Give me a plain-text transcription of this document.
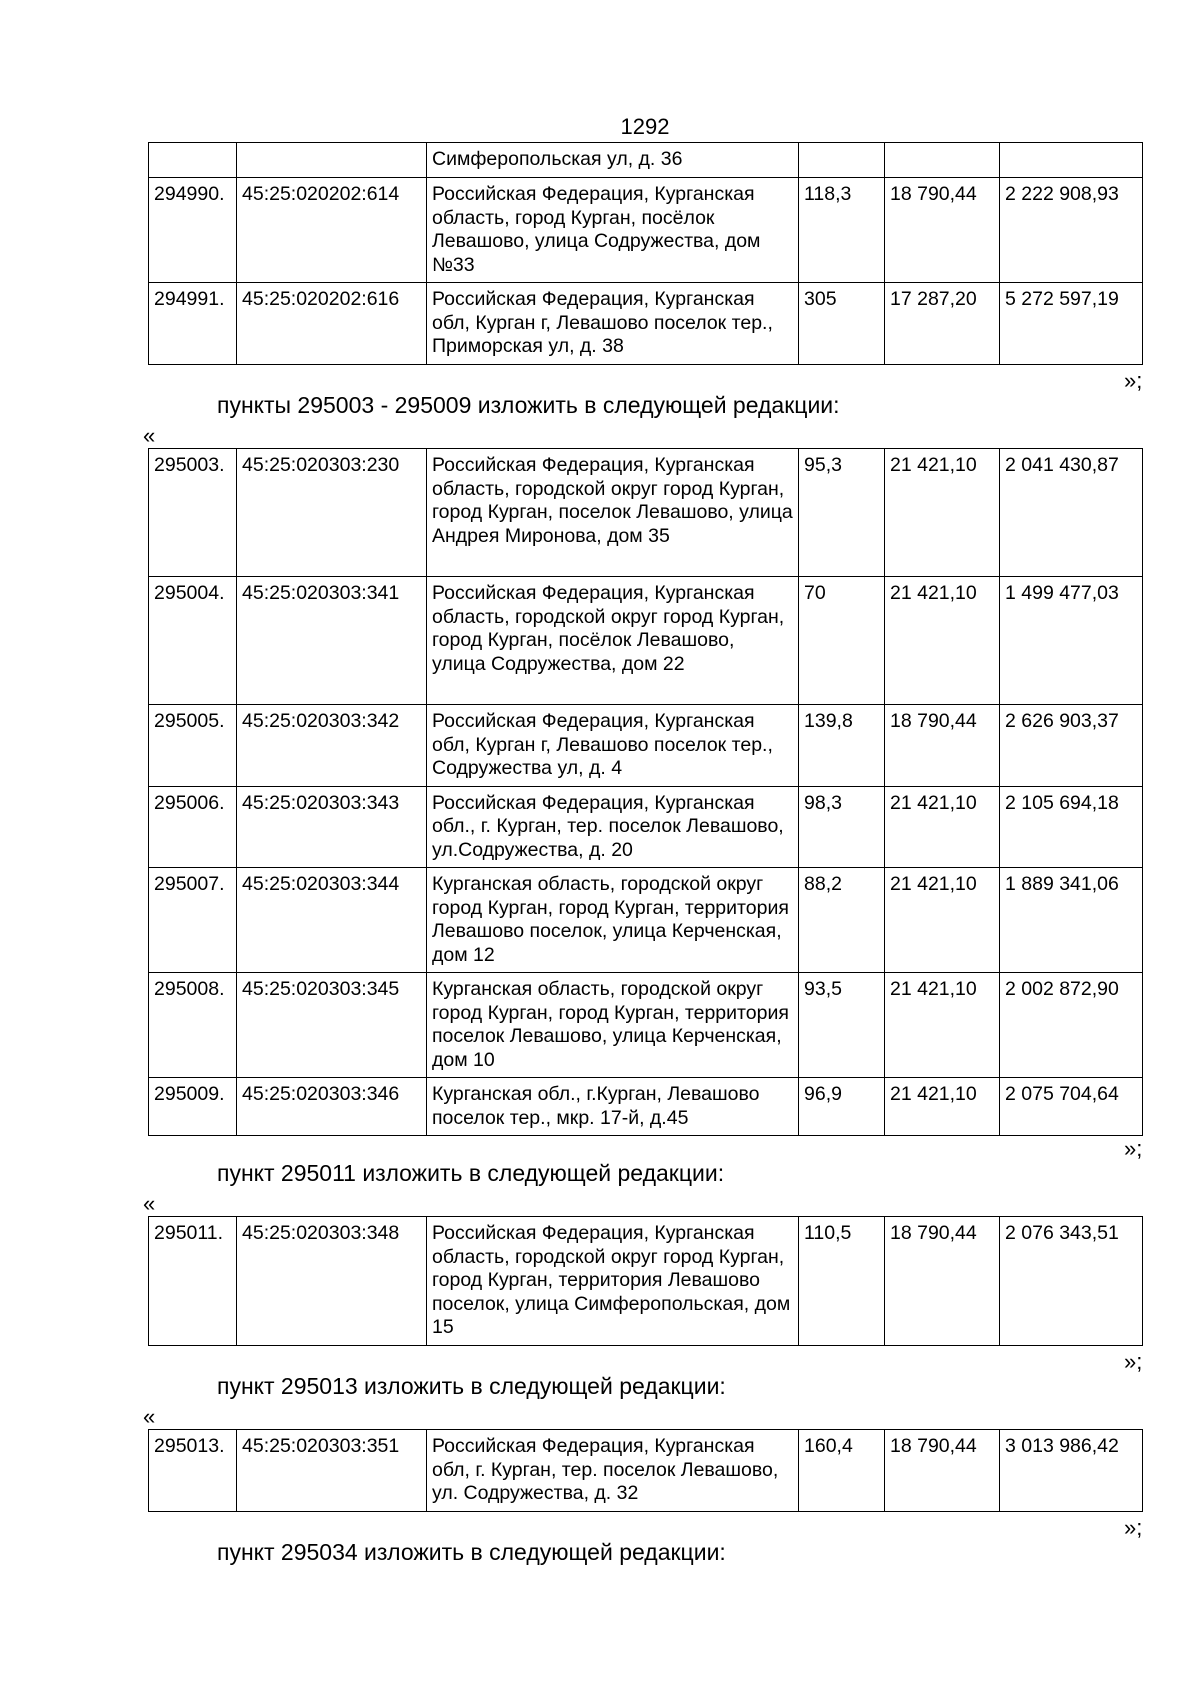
1292
		Симферопольская ул, д. 36			
294990.	45:25:020202:614	Российская Федерация, Курганская область, город Курган, посёлок Левашово, улица Содружества, дом №33	118,3	18 790,44	2 222 908,93
294991.	45:25:020202:616	Российская Федерация, Курганская обл, Курган г, Левашово поселок тер., Приморская ул, д. 38	305	17 287,20	5 272 597,19
»;
пункты 295003 - 295009 изложить в следующей редакции:
«
295003.	45:25:020303:230	Российская Федерация, Курганская область, городской округ город Курган, город Курган, поселок Левашово, улица Андрея Миронова, дом 35	95,3	21 421,10	2 041 430,87
295004.	45:25:020303:341	Российская Федерация, Курганская область, городской округ город Курган, город Курган, посёлок Левашово, улица Содружества, дом 22	70	21 421,10	1 499 477,03
295005.	45:25:020303:342	Российская Федерация, Курганская обл, Курган г, Левашово поселок тер., Содружества ул, д. 4	139,8	18 790,44	2 626 903,37
295006.	45:25:020303:343	Российская Федерация, Курганская обл., г. Курган, тер. поселок Левашово, ул.Содружества, д. 20	98,3	21 421,10	2 105 694,18
295007.	45:25:020303:344	Курганская область, городской округ город Курган, город Курган, территория Левашово поселок, улица Керченская, дом 12	88,2	21 421,10	1 889 341,06
295008.	45:25:020303:345	Курганская область, городской округ город Курган, город Курган, территория поселок Левашово, улица Керченская, дом 10	93,5	21 421,10	2 002 872,90
295009.	45:25:020303:346	Курганская обл., г.Курган, Левашово поселок тер., мкр. 17-й, д.45	96,9	21 421,10	2 075 704,64
»;
пункт 295011 изложить в следующей редакции:
«
295011.	45:25:020303:348	Российская Федерация, Курганская область, городской округ город Курган, город Курган, территория Левашово поселок, улица Симферопольская, дом 15	110,5	18 790,44	2 076 343,51
»;
пункт 295013 изложить в следующей редакции:
«
295013.	45:25:020303:351	Российская Федерация, Курганская обл, г. Курган, тер. поселок Левашово, ул. Содружества, д. 32	160,4	18 790,44	3 013 986,42
»;
пункт 295034 изложить в следующей редакции:
